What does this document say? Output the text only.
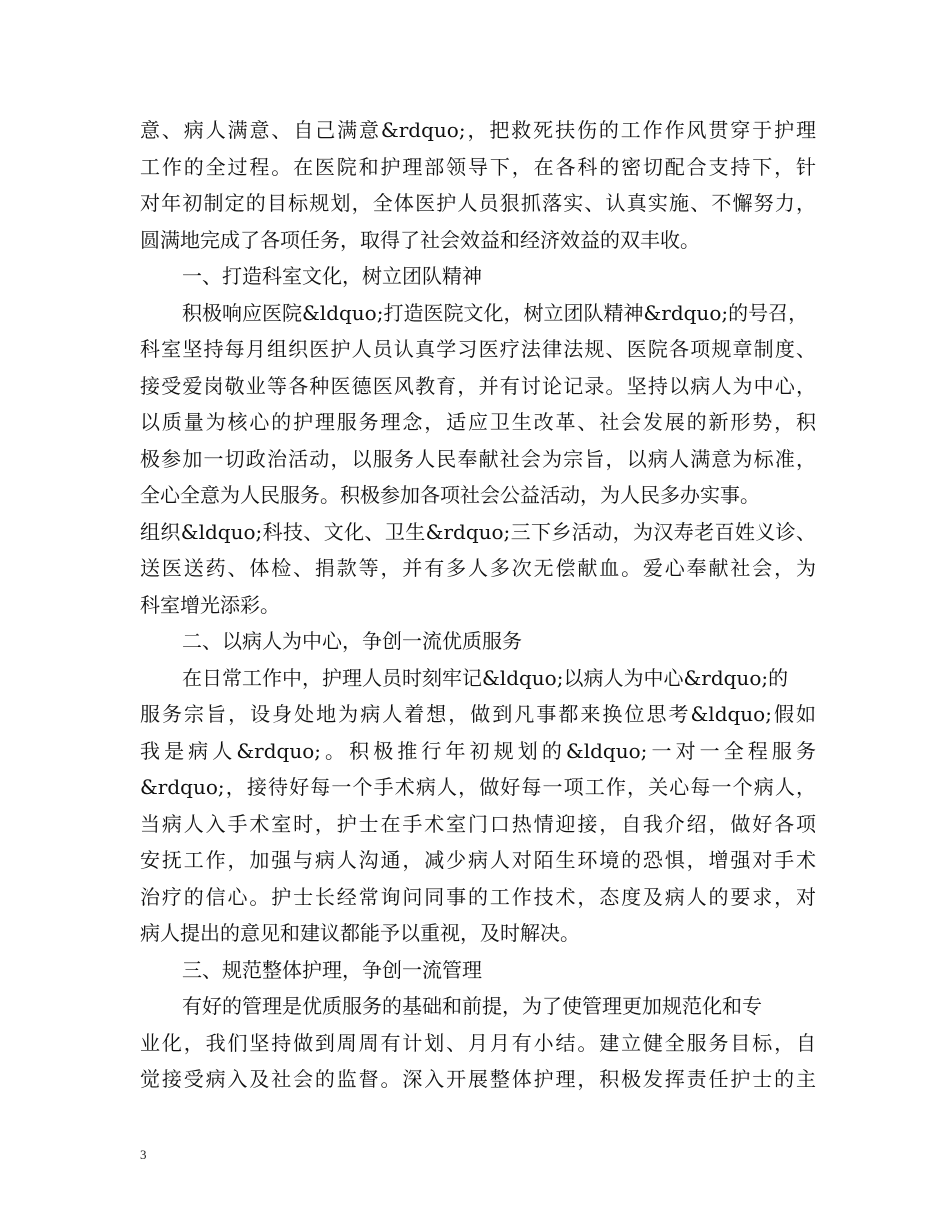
意、病人满意、自己满意&rdquo;，把救死扶伤的工作作风贯穿于护理
工作的全过程。在医院和护理部领导下，在各科的密切配合支持下，针
对年初制定的目标规划，全体医护人员狠抓落实、认真实施、不懈努力，
圆满地完成了各项任务，取得了社会效益和经济效益的双丰收。
一、打造科室文化，树立团队精神
积极响应医院&ldquo;打造医院文化，树立团队精神&rdquo;的号召，
科室坚持每月组织医护人员认真学习医疗法律法规、医院各项规章制度、
接受爱岗敬业等各种医德医风教育，并有讨论记录。坚持以病人为中心，
以质量为核心的护理服务理念，适应卫生改革、社会发展的新形势，积
极参加一切政治活动，以服务人民奉献社会为宗旨，以病人满意为标准，
全心全意为人民服务。积极参加各项社会公益活动，为人民多办实事。
组织&ldquo;科技、文化、卫生&rdquo;三下乡活动，为汉寿老百姓义诊、
送医送药、体检、捐款等，并有多人多次无偿献血。爱心奉献社会，为
科室增光添彩。
二、以病人为中心，争创一流优质服务
在日常工作中，护理人员时刻牢记&ldquo;以病人为中心&rdquo;的
服务宗旨，设身处地为病人着想，做到凡事都来换位思考&ldquo;假如
我是病人&rdquo;。积极推行年初规划的&ldquo;一对一全程服务
&rdquo;，接待好每一个手术病人，做好每一项工作，关心每一个病人，
当病人入手术室时，护士在手术室门口热情迎接，自我介绍，做好各项
安抚工作，加强与病人沟通，减少病人对陌生环境的恐惧，增强对手术
治疗的信心。护士长经常询问同事的工作技术，态度及病人的要求，对
病人提出的意见和建议都能予以重视，及时解决。
三、规范整体护理，争创一流管理
有好的管理是优质服务的基础和前提，为了使管理更加规范化和专
业化，我们坚持做到周周有计划、月月有小结。建立健全服务目标，自
觉接受病入及社会的监督。深入开展整体护理，积极发挥责任护士的主
3
